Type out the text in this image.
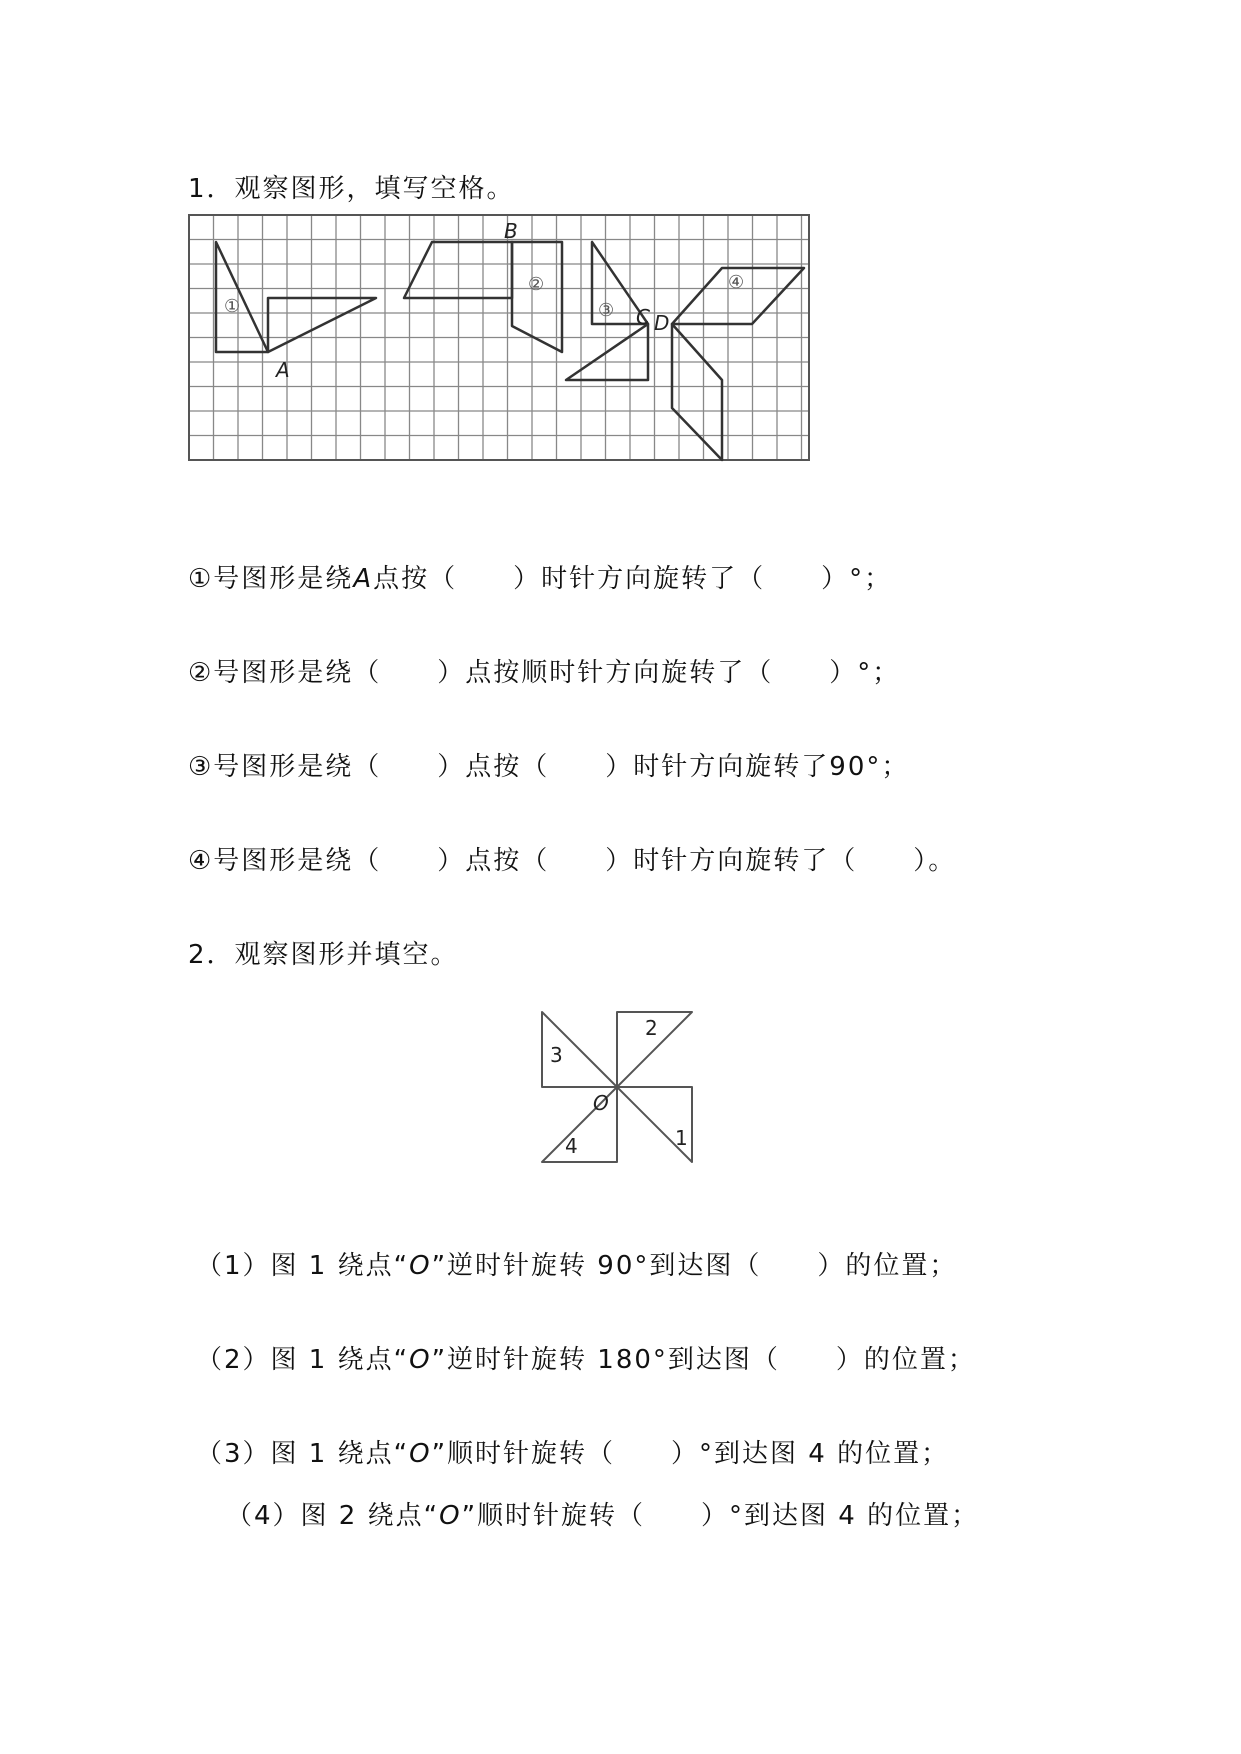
1．观察图形，填写空格。
A
B
C D
①
②
③
④
①号图形是绕A点按（　　）时针方向旋转了（　　）°；
②号图形是绕（　　）点按顺时针方向旋转了（　　）°；
③号图形是绕（　　）点按（　　）时针方向旋转了90°；
④号图形是绕（　　）点按（　　）时针方向旋转了（　　）。
2．观察图形并填空。
3
2
1
4
O
（1）图 1 绕点“O”逆时针旋转 90°到达图（　　）的位置；
（2）图 1 绕点“O”逆时针旋转 180°到达图（　　）的位置；
（3）图 1 绕点“O”顺时针旋转（　　）°到达图 4 的位置；
（4）图 2 绕点“O”顺时针旋转（　　）°到达图 4 的位置；
